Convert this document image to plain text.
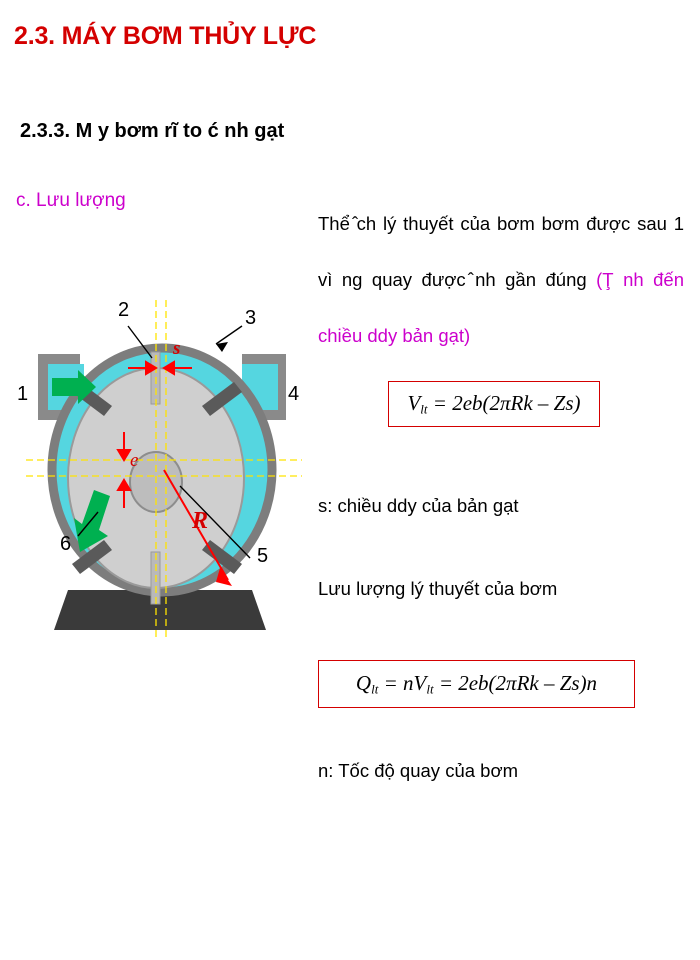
2.3. MÁY BƠM THỦY LỰC
2.3.3. M y bơm rĩ to ć nh gạt
c. Lưu lượng
Thể ̂ch lý thuyết của bơm bơm được sau 1 vì ng quay được ̂nh gần đúng (Ţ nh đến chiều ddy bản gạt)
$V_{lt} = 2eb(2\pi Rk - Zs)$
s: chiều ddy của bản gạt
Lưu lượng lý thuyết của bơm
$Q_{lt} = nV_{lt} = 2eb(2\pi Rk - Zs)n$
n: Tốc độ quay của bơm
1
2	3
4
5
6
s
e
R
